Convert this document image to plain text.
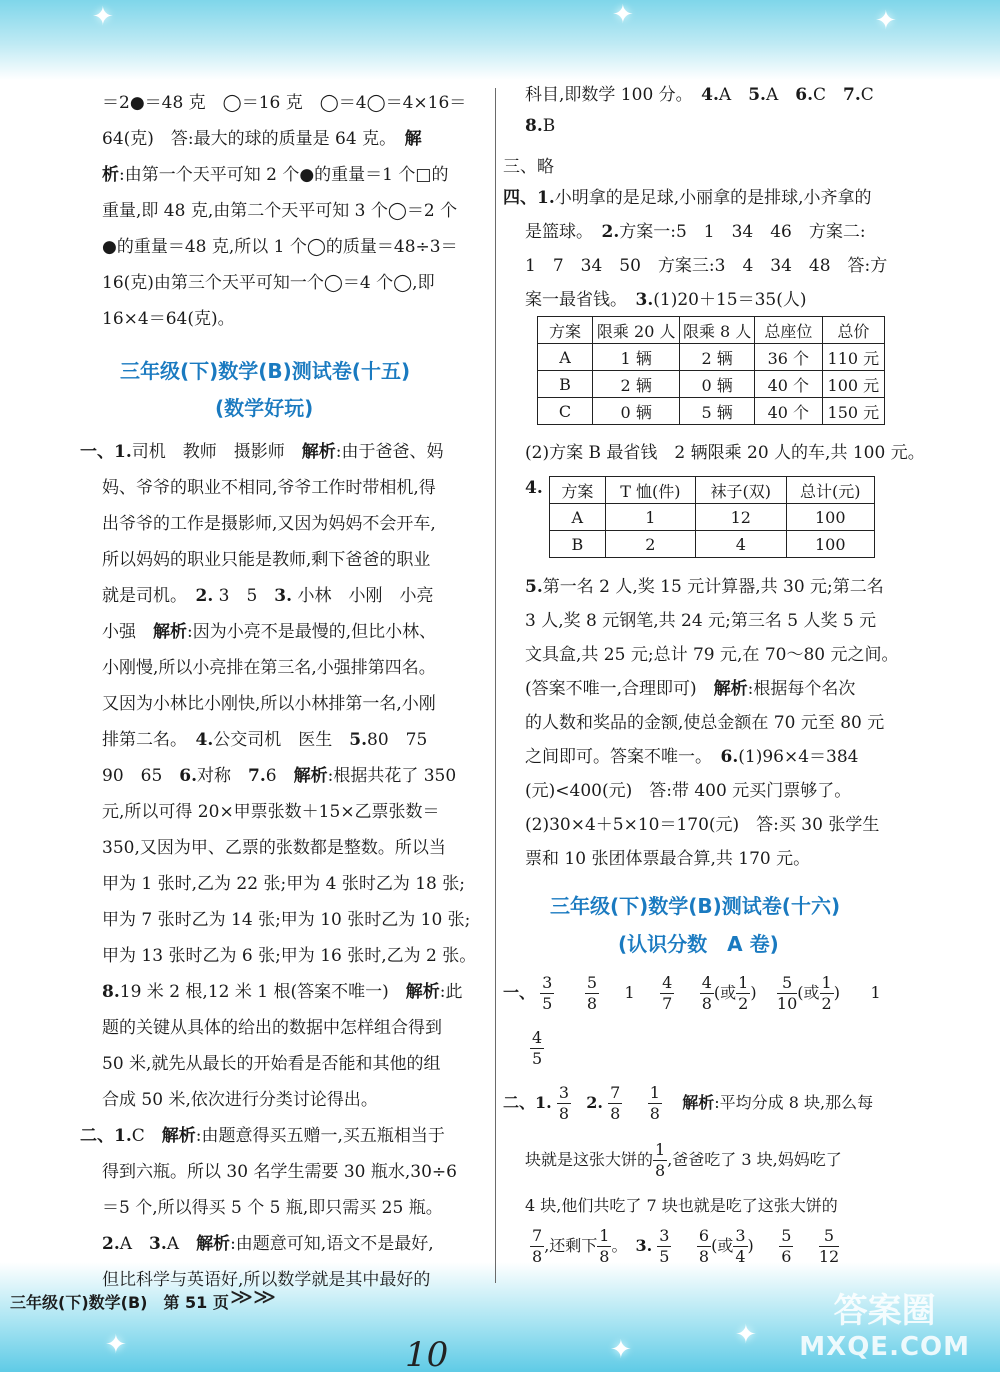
✦	✦	✦
✦	✦	✦
＝2●＝48 克　◯＝16 克　◯＝4◯＝4×16＝
64(克)　答:最大的球的质量是 64 克。　解
析:由第一个天平可知 2 个●的重量＝1 个□的
重量,即 48 克,由第二个天平可知 3 个◯＝2 个
●的重量＝48 克,所以 1 个◯的质量＝48÷3＝
16(克)由第三个天平可知一个◯＝4 个◯,即
16×4＝64(克)。
三年级(下)数学(B)测试卷(十五)
(数学好玩)
一、1.司机　教师　摄影师　解析:由于爸爸、妈
妈、爷爷的职业不相同,爷爷工作时带相机,得
出爷爷的工作是摄影师,又因为妈妈不会开车,
所以妈妈的职业只能是教师,剩下爸爸的职业
就是司机。　2. 3　5　3. 小林　小刚　小亮
小强　解析:因为小亮不是最慢的,但比小林、
小刚慢,所以小亮排在第三名,小强排第四名。
又因为小林比小刚快,所以小林排第一名,小刚
排第二名。　4.公交司机　医生　5.80　75
90　65　6.对称　7.6　解析:根据共花了 350
元,所以可得 20×甲票张数＋15×乙票张数＝
350,又因为甲、乙票的张数都是整数。所以当
甲为 1 张时,乙为 22 张;甲为 4 张时乙为 18 张;
甲为 7 张时乙为 14 张;甲为 10 张时乙为 10 张;
甲为 13 张时乙为 6 张;甲为 16 张时,乙为 2 张。
8.19 米 2 根,12 米 1 根(答案不唯一)　解析:此
题的关键从具体的给出的数据中怎样组合得到
50 米,就先从最长的开始看是否能和其他的组
合成 50 米,依次进行分类讨论得出。
二、1.C　解析:由题意得买五赠一,买五瓶相当于
得到六瓶。所以 30 名学生需要 30 瓶水,30÷6
＝5 个,所以得买 5 个 5 瓶,即只需买 25 瓶。
2.A　3.A　解析:由题意可知,语文不是最好,
但比科学与英语好,所以数学就是其中最好的
科目,即数学 100 分。　4.A　5.A　6.C　7.C
8.B
三、略
四、1.小明拿的是足球,小丽拿的是排球,小齐拿的
是篮球。　2.方案一:5　1　34　46　方案二:
1　7　34　50　方案三:3　4　34　48　答:方
案一最省钱。　3.(1)20＋15＝35(人)
方案	限乘 20 人	限乘 8 人	总座位	总价
A	1 辆	2 辆	36 个	110 元
B	2 辆	0 辆	40 个	100 元
C	0 辆	5 辆	40 个	150 元
(2)方案 B 最省钱　2 辆限乘 20 人的车,共 100 元。
4. 方案	T 恤(件)	袜子(双)	总计(元)
A	1	12	100
B	2	4	100
5.第一名 2 人,奖 15 元计算器,共 30 元;第二名
3 人,奖 8 元钢笔,共 24 元;第三名 5 人奖 5 元
文具盒,共 25 元;总计 79 元,在 70～80 元之间。
(答案不唯一,合理即可)　解析:根据每个名次
的人数和奖品的金额,使总金额在 70 元至 80 元
之间即可。答案不唯一。　6.(1)96×4＝384
(元)<400(元)　答:带 400 元买门票够了。
(2)30×4＋5×10＝170(元)　答:买 30 张学生
票和 10 张团体票最合算,共 170 元。
三年级(下)数学(B)测试卷(十六)
(认识分数　A 卷)
一、 $\frac{3}{5}$
$\frac{5}{8} 1 \frac{4}{7}$
$\frac{4}{8}$ (或 $\frac{1}{2}$ ) $\frac{5}{10}$ (或 $\frac{1}{2}$ )      1
$\frac{4}{5}$
二、1. $\frac{3}{8} 2$. $\frac{7}{8}$
$\frac{1}{8}$ 解析:平均分成 8 块,那么每
块就是这张大饼的 $\frac{1}{8}$ ,爸爸吃了 3 块,妈妈吃了
4 块,他们共吃了 7 块也就是吃了这张大饼的
$\frac{7}{8}$ ,还剩下 $\frac{1}{8}$ 。　3. $\frac{3}{5}$
$\frac{6}{8}$ (或 $\frac{3}{4}$ ) $\frac{5}{6}$
$\frac{5}{12}$
三年级(下)数学(B)　第 51 页 ≫≫
10
答案圈
MXQE.COM
